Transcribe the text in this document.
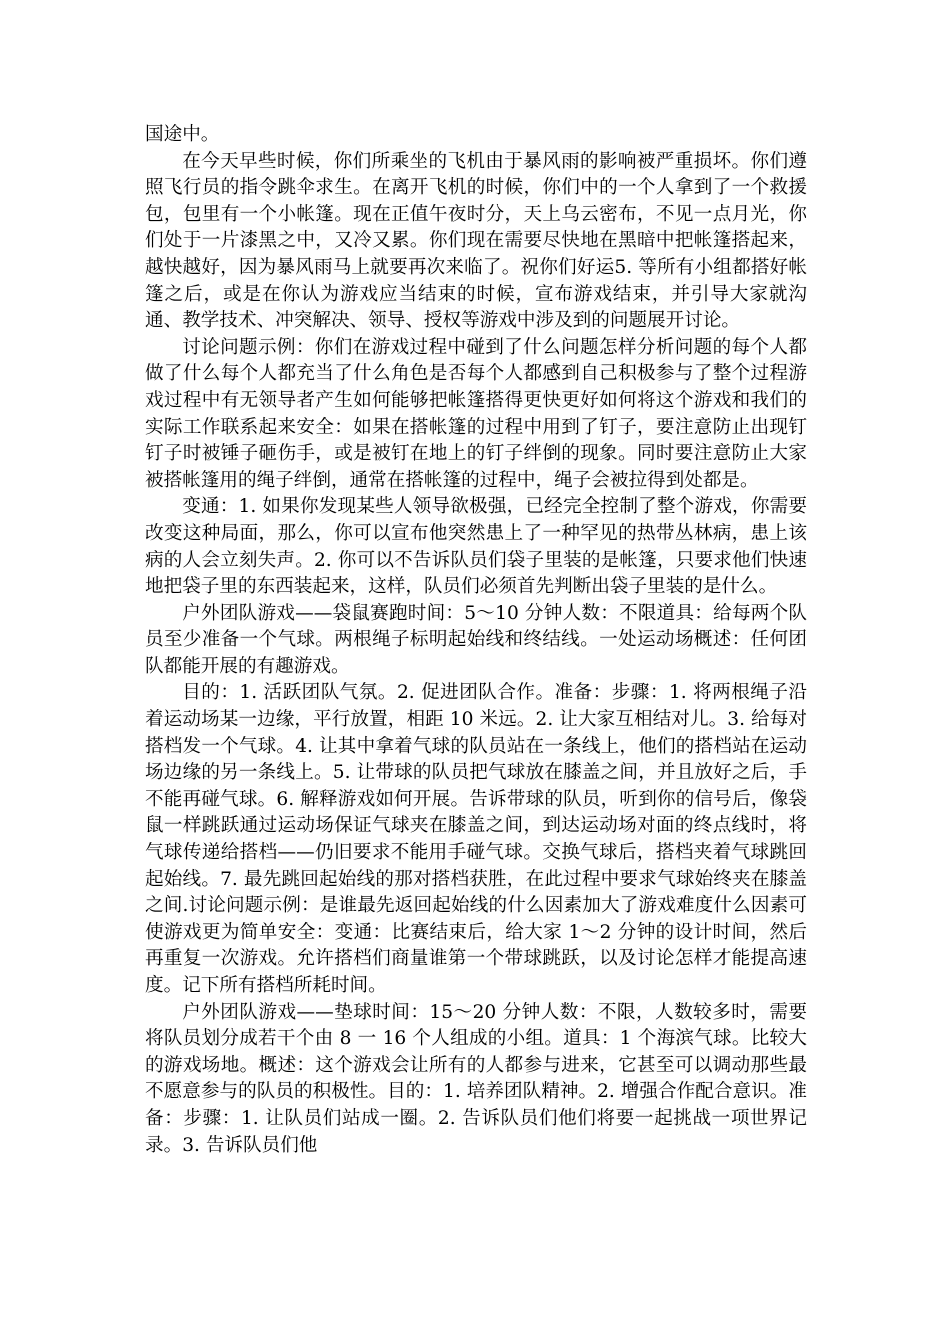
国途中。

在今天早些时候，你们所乘坐的飞机由于暴风雨的影响被严重损坏。你们遵照飞行员的指令跳伞求生。在离开飞机的时候，你们中的一个人拿到了一个救援包，包里有一个小帐篷。现在正值午夜时分，天上乌云密布，不见一点月光，你们处于一片漆黑之中，又冷又累。你们现在需要尽快地在黑暗中把帐篷搭起来，越快越好，因为暴风雨马上就要再次来临了。祝你们好运5. 等所有小组都搭好帐篷之后，或是在你认为游戏应当结束的时候，宣布游戏结束，并引导大家就沟通、教学技术、冲突解决、领导、授权等游戏中涉及到的问题展开讨论。

讨论问题示例：你们在游戏过程中碰到了什么问题怎样分析问题的每个人都做了什么每个人都充当了什么角色是否每个人都感到自己积极参与了整个过程游戏过程中有无领导者产生如何能够把帐篷搭得更快更好如何将这个游戏和我们的实际工作联系起来安全：如果在搭帐篷的过程中用到了钉子，要注意防止出现钉钉子时被锤子砸伤手，或是被钉在地上的钉子绊倒的现象。同时要注意防止大家被搭帐篷用的绳子绊倒，通常在搭帐篷的过程中，绳子会被拉得到处都是。

变通：1. 如果你发现某些人领导欲极强，已经完全控制了整个游戏，你需要改变这种局面，那么，你可以宣布他突然患上了一种罕见的热带丛林病，患上该病的人会立刻失声。2. 你可以不告诉队员们袋子里装的是帐篷，只要求他们快速地把袋子里的东西装起来，这样，队员们必须首先判断出袋子里装的是什么。

户外团队游戏——袋鼠赛跑时间：5～10 分钟人数：不限道具：给每两个队员至少准备一个气球。两根绳子标明起始线和终结线。一处运动场概述：任何团队都能开展的有趣游戏。

目的：1. 活跃团队气氛。2. 促进团队合作。准备：步骤：1. 将两根绳子沿着运动场某一边缘，平行放置，相距 10 米远。2. 让大家互相结对儿。3. 给每对搭档发一个气球。4. 让其中拿着气球的队员站在一条线上，他们的搭档站在运动场边缘的另一条线上。5. 让带球的队员把气球放在膝盖之间，并且放好之后，手不能再碰气球。6. 解释游戏如何开展。告诉带球的队员，听到你的信号后，像袋鼠一样跳跃通过运动场保证气球夹在膝盖之间，到达运动场对面的终点线时，将气球传递给搭档——仍旧要求不能用手碰气球。交换气球后，搭档夹着气球跳回起始线。7. 最先跳回起始线的那对搭档获胜，在此过程中要求气球始终夹在膝盖之间.讨论问题示例：是谁最先返回起始线的什么因素加大了游戏难度什么因素可使游戏更为简单安全：变通：比赛结束后，给大家 1～2 分钟的设计时间，然后再重复一次游戏。允许搭档们商量谁第一个带球跳跃，以及讨论怎样才能提高速度。记下所有搭档所耗时间。

户外团队游戏——垫球时间：15～20 分钟人数：不限，人数较多时，需要将队员划分成若干个由 8 一 16 个人组成的小组。道具：1 个海滨气球。比较大的游戏场地。概述：这个游戏会让所有的人都参与进来，它甚至可以调动那些最不愿意参与的队员的积极性。目的：1. 培养团队精神。2. 增强合作配合意识。准备：步骤：1. 让队员们站成一圈。2. 告诉队员们他们将要一起挑战一项世界记录。3. 告诉队员们他
